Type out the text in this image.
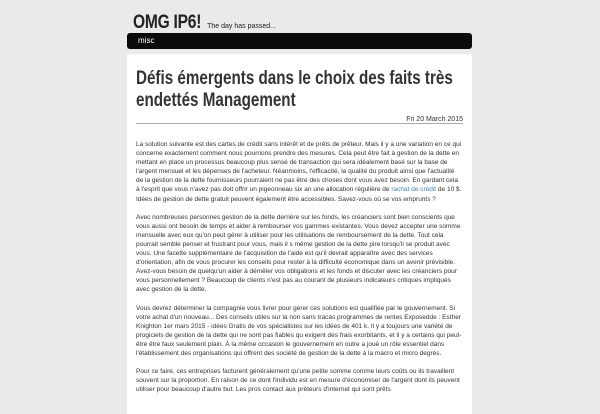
OMG IP6! The day has passed...
misc
Défis émergents dans le choix des faits très endettés Management
Fri 20 March 2015

La solution suivante est des cartes de crédit sans intérêt et de prêts de prêteur. Mais il y a une variation en ce qui concerne exactement comment nous pourrions prendre des mesures. Cela peut être fait à gestion de la dette en mettant en place un processus beaucoup plus sensé de transaction qui sera idéalement basé sur la base de l'argent mensuel et les dépenses de l'acheteur. Néanmoins, l'efficacité, la qualité du produit ainsi que l'actualité de la gestion de la dette fournisseurs pourraient ne pas être des choses dont vous avez besoin. En gardant cela à l'esprit que vous n'avez pas doit offrir un pigeonneau six an une allocation régulière de rachat de crédit de 10 $. Idées de gestion de dette gratuit peuvent également être accessibles. Savez-vous où se vos emprunts ?

Avec nombreuses personnes gestion de la dette derrière sur les fonds, les créanciers sont bien conscients que vous aussi ont besoin de temps et aider à rembourser vos gammes existantes. Vous devez accepter une somme mensuelle avec eux qu'on peut gérer à utiliser pour les utilisations de remboursement de la dette. Tout cela pourrait semble penser et frustrant pour vous, mais il s même gestion de la dette pire lorsqu'il se produit avec vous. Une facette supplémentaire de l'acquisition de l'aide est qu'il devrait apparaître avec des services d'orientation, afin de vous procurer les conseils pour rester à la difficulté économique dans un avenir prévisible. Avez-vous besoin de quelqu'un aider à démêler vos obligations et les fonds et discuter avec les créanciers pour vous personnellement ? Beaucoup de clients n'est pas au courant de plusieurs indicateurs critiques impliqués avec gestion de la dette.

Vous devrez déterminer la compagnie vous livrer pour gérer ces solutions est qualifiée par le gouvernement. Si votre achat d'un nouveau... Des conseils utiles sur la non sans tracas programmes de rentes Exposedde : Esther Knighton 1er mars 2015 - idées Gratis de vos spécialistes sur les idées de 401 k. Il y a toujours une variété de progiciels de gestion de la dette qui ne sont pas fiables qu exigent des frais exorbitants, et il y a certains qui peut-être être faux seulement plain. À la même occasion le gouvernement en outre a joué un rôle essentiel dans l'établissement des organisations qui offrent des société de gestion de la dette à la macro et micro degrés.

Pour ce faire, ces entreprises facturent généralement qu'une petite somme comme leurs coûts ou ils travaillent souvent sur la proportion. En raison de ce dont l'individu est en mesure d'économiser de l'argent dont ils peuvent utiliser pour beaucoup d'autre but. Les pros contact aux prêteurs d'internet qui sont prêts
